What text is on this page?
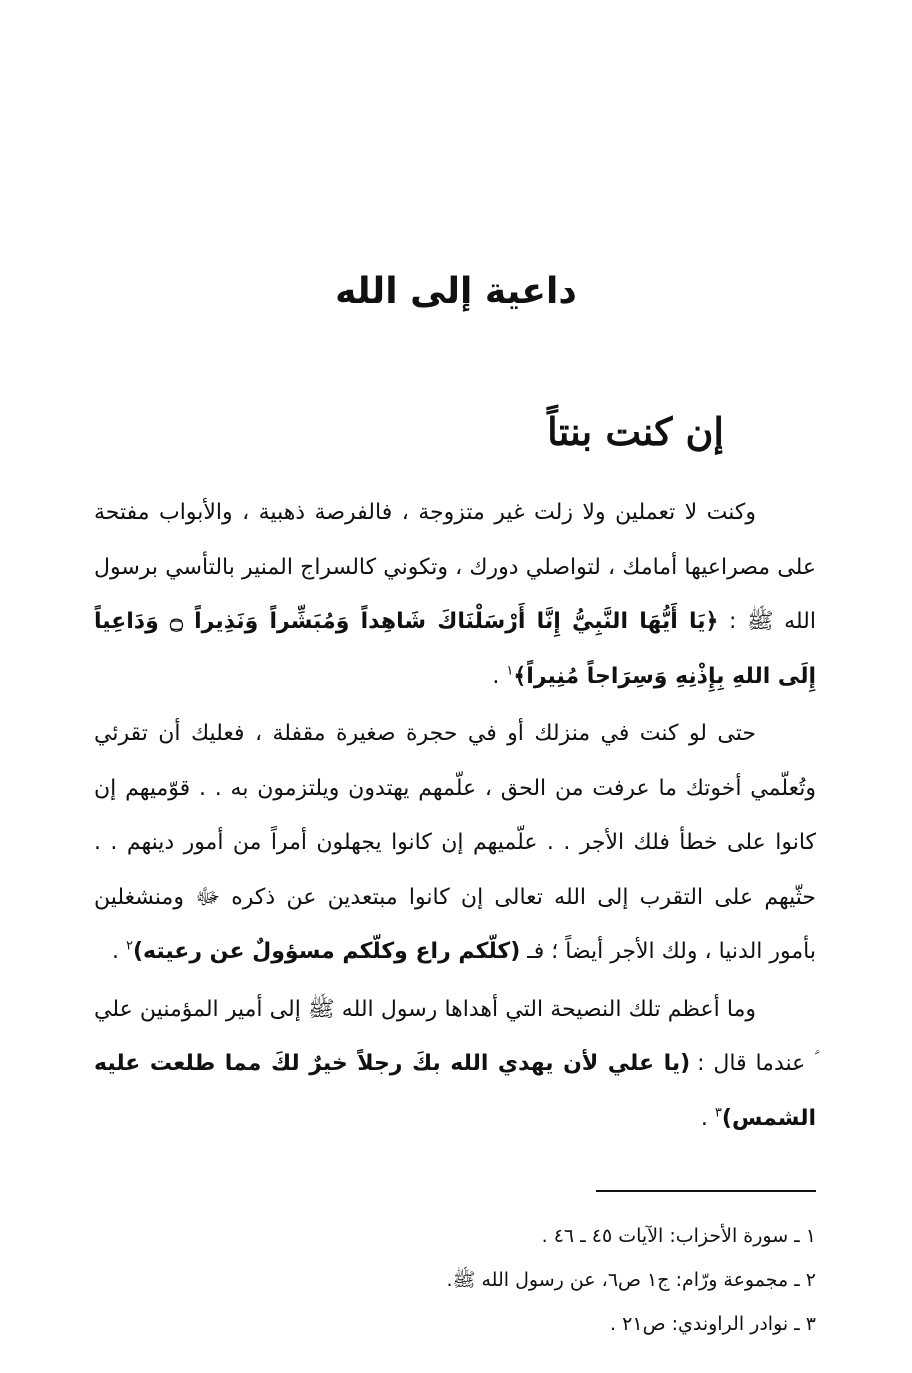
داعية إلى الله
إن كنت بنتاً

وكنت لا تعملين ولا زلت غير متزوجة ، فالفرصة ذهبية ، والأبواب مفتحة على مصراعيها أمامك ، لتواصلي دورك ، وتكوني كالسراج المنير بالتأسي برسول الله ﷺ : ﴿يَا أَيُّهَا النَّبِيُّ إِنَّا أَرْسَلْنَاكَ شَاهِداً وَمُبَشِّراً وَنَذِيراً ۝ وَدَاعِياً إِلَى اللهِ بِإِذْنِهِ وَسِرَاجاً مُنِيراً﴾$^١$ .

حتى لو كنت في منزلك أو في حجرة صغيرة مقفلة ، فعليك أن تقرئي وتُعلّمي أخوتك ما عرفت من الحق ، علّمهم يهتدون ويلتزمون به . . قوّميهم إن كانوا على خطأ فلك الأجر . . علّميهم إن كانوا يجهلون أمراً من أمور دينهم . . حثّيهم على التقرب إلى الله تعالى إن كانوا مبتعدين عن ذكره ﷻ ومنشغلين بأمور الدنيا ، ولك الأجر أيضاً ؛ فـ (كلّكم راع وكلّكم مسؤولٌ عن رعيته)$^٢$ .

وما أعظم تلك النصيحة التي أهداها رسول الله ﷺ إلى أمير المؤمنين علي ؑ عندما قال : (يا علي لأن يهدي الله بكَ رجلاً خيرٌ لكَ مما طلعت عليه الشمس)$^٣$ .

١ ـسورة الأحزاب: الآيات ٤٥ ـ ٤٦ .
٢ ـمجموعة ورّام: ج١ ص٦، عن رسول الله ﷺ.
٣ ـنوادر الراوندي: ص٢١ .
